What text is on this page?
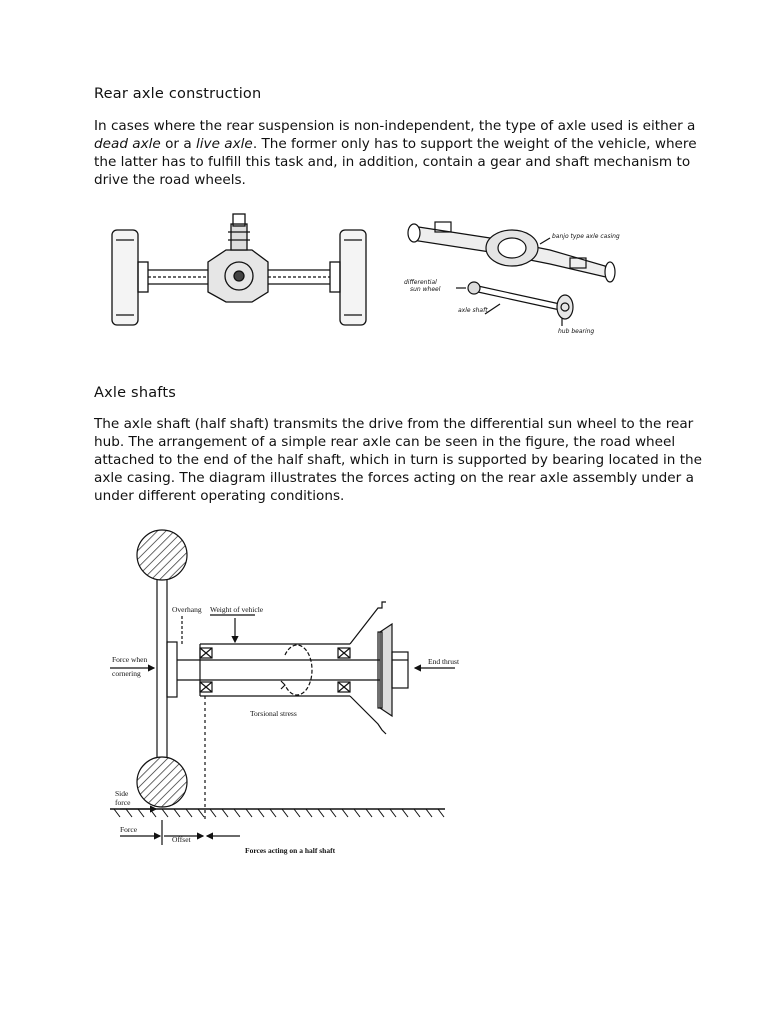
Rear axle construction

In cases where the rear suspension is non-independent, the type of axle used is either a dead axle or a live axle. The former only has to support the weight of the vehicle, where the latter has to fulfill this task and, in addition, contain a gear and shaft mechanism to drive the road wheels.

banjo type axle casing
differential
sun wheel
axle shaft
hub bearing
Axle shafts

The axle shaft (half shaft) transmits the drive from the differential sun wheel to the rear hub. The arrangement of a simple rear axle can be seen in the figure, the road wheel attached to the end of the half shaft, which in turn is supported by bearing located in the axle casing. The diagram illustrates the forces acting on the rear axle assembly under a under different operating conditions.

Overhang Weight of vehicle
Force when
cornering
End thrust
Torsional stress
Side
force
Force
Offset
Forces acting on a half shaft
